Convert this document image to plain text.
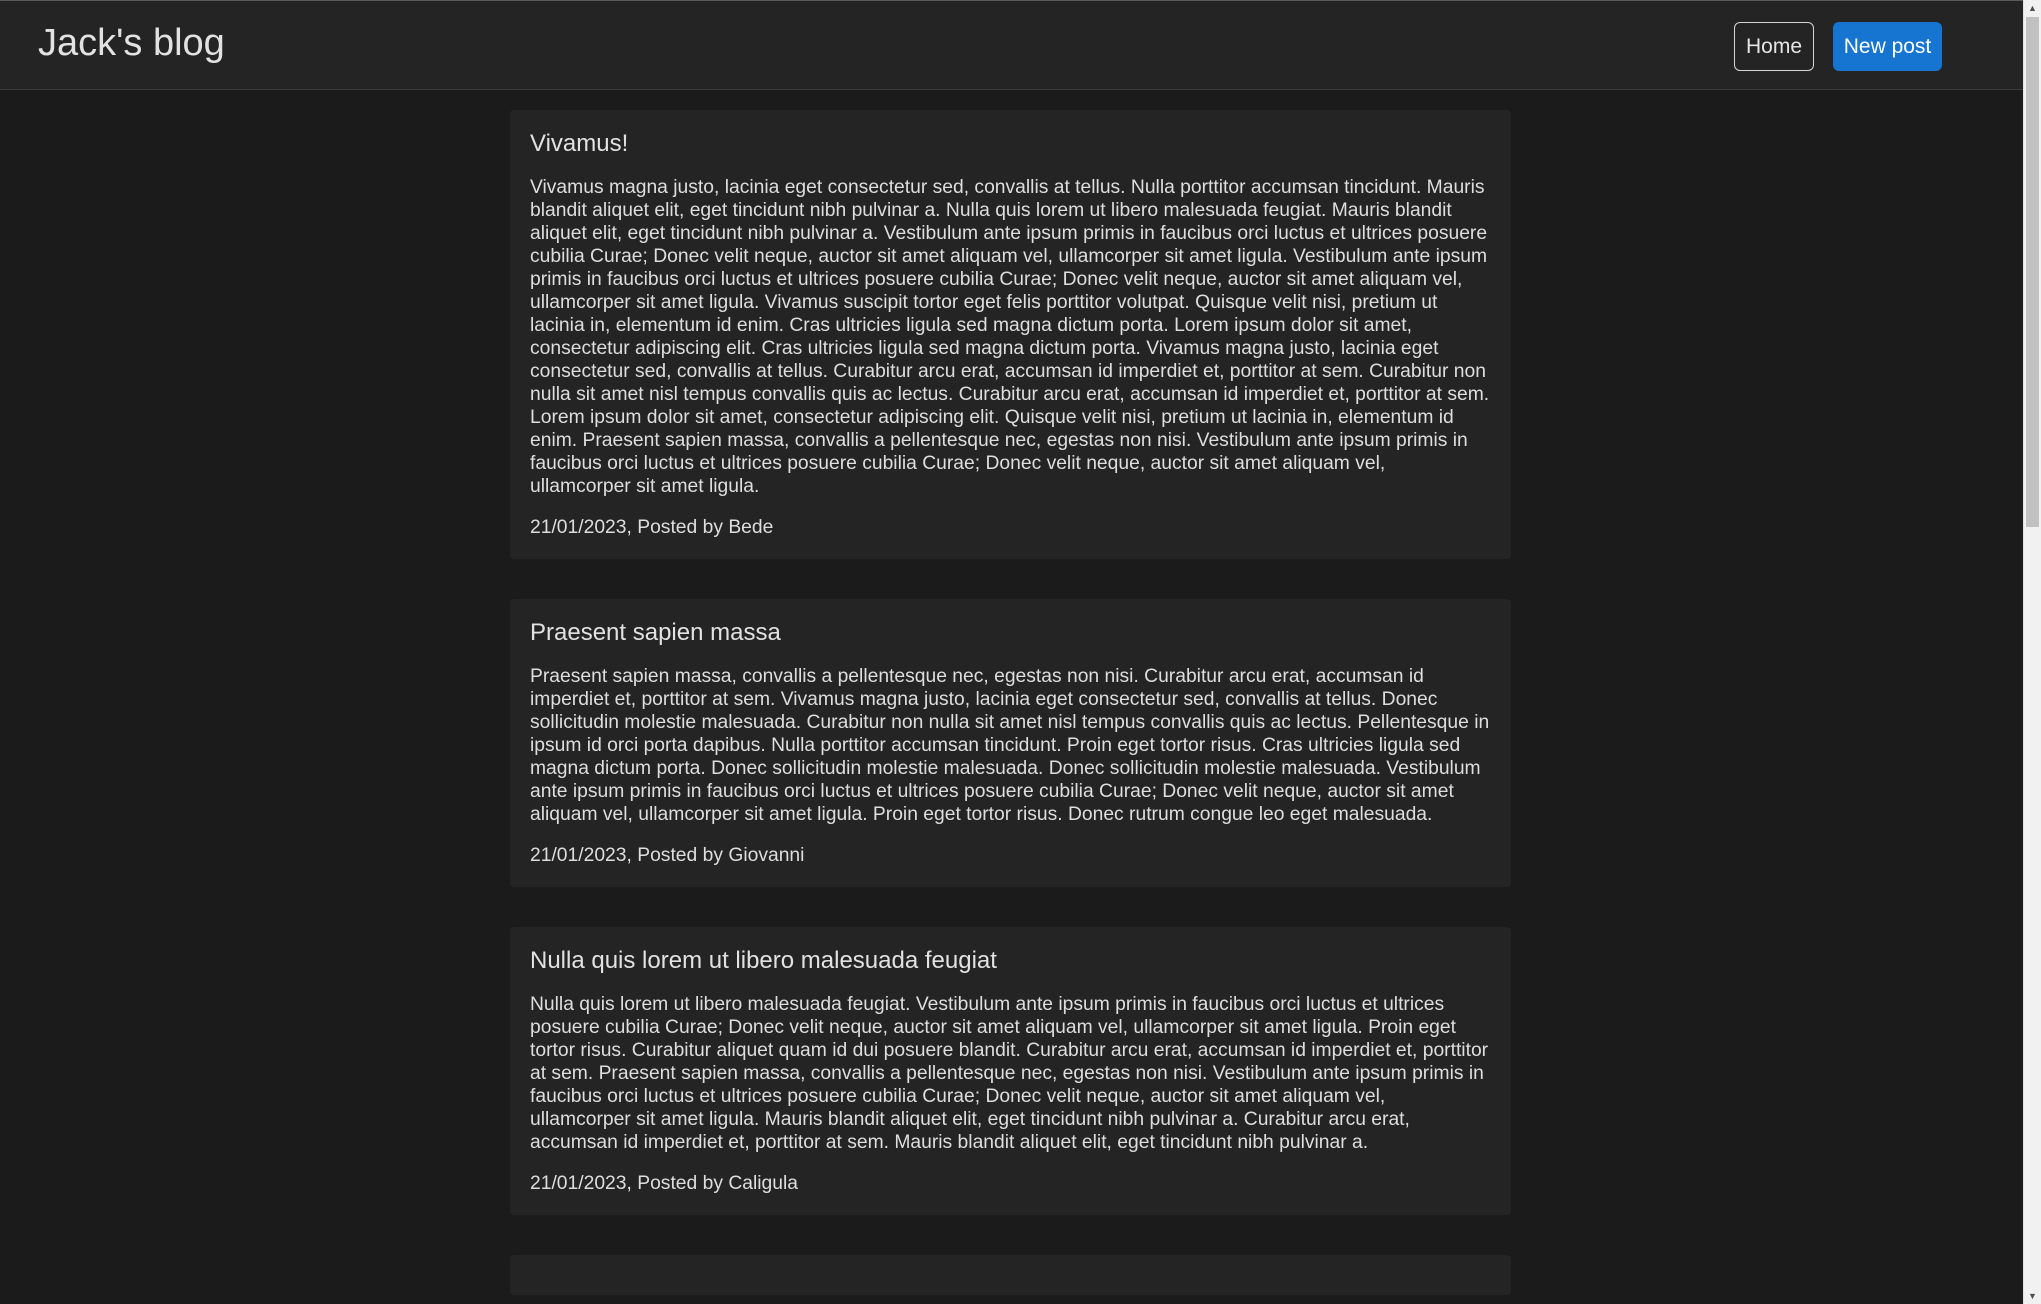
Jack's blog	Home	New post
Vivamus!

Vivamus magna justo, lacinia eget consectetur sed, convallis at tellus. Nulla porttitor accumsan tincidunt. Mauris blandit aliquet elit, eget tincidunt nibh pulvinar a. Nulla quis lorem ut libero malesuada feugiat. Mauris blandit aliquet elit, eget tincidunt nibh pulvinar a. Vestibulum ante ipsum primis in faucibus orci luctus et ultrices posuere cubilia Curae; Donec velit neque, auctor sit amet aliquam vel, ullamcorper sit amet ligula. Vestibulum ante ipsum primis in faucibus orci luctus et ultrices posuere cubilia Curae; Donec velit neque, auctor sit amet aliquam vel, ullamcorper sit amet ligula. Vivamus suscipit tortor eget felis porttitor volutpat. Quisque velit nisi, pretium ut lacinia in, elementum id enim. Cras ultricies ligula sed magna dictum porta. Lorem ipsum dolor sit amet, consectetur adipiscing elit. Cras ultricies ligula sed magna dictum porta. Vivamus magna justo, lacinia eget consectetur sed, convallis at tellus. Curabitur arcu erat, accumsan id imperdiet et, porttitor at sem. Curabitur non nulla sit amet nisl tempus convallis quis ac lectus. Curabitur arcu erat, accumsan id imperdiet et, porttitor at sem. Lorem ipsum dolor sit amet, consectetur adipiscing elit. Quisque velit nisi, pretium ut lacinia in, elementum id enim. Praesent sapien massa, convallis a pellentesque nec, egestas non nisi. Vestibulum ante ipsum primis in faucibus orci luctus et ultrices posuere cubilia Curae; Donec velit neque, auctor sit amet aliquam vel, ullamcorper sit amet ligula.

21/01/2023, Posted by Bede

Praesent sapien massa

Praesent sapien massa, convallis a pellentesque nec, egestas non nisi. Curabitur arcu erat, accumsan id imperdiet et, porttitor at sem. Vivamus magna justo, lacinia eget consectetur sed, convallis at tellus. Donec sollicitudin molestie malesuada. Curabitur non nulla sit amet nisl tempus convallis quis ac lectus. Pellentesque in ipsum id orci porta dapibus. Nulla porttitor accumsan tincidunt. Proin eget tortor risus. Cras ultricies ligula sed magna dictum porta. Donec sollicitudin molestie malesuada. Donec sollicitudin molestie malesuada. Vestibulum ante ipsum primis in faucibus orci luctus et ultrices posuere cubilia Curae; Donec velit neque, auctor sit amet aliquam vel, ullamcorper sit amet ligula. Proin eget tortor risus. Donec rutrum congue leo eget malesuada.

21/01/2023, Posted by Giovanni

Nulla quis lorem ut libero malesuada feugiat

Nulla quis lorem ut libero malesuada feugiat. Vestibulum ante ipsum primis in faucibus orci luctus et ultrices posuere cubilia Curae; Donec velit neque, auctor sit amet aliquam vel, ullamcorper sit amet ligula. Proin eget tortor risus. Curabitur aliquet quam id dui posuere blandit. Curabitur arcu erat, accumsan id imperdiet et, porttitor at sem. Praesent sapien massa, convallis a pellentesque nec, egestas non nisi. Vestibulum ante ipsum primis in faucibus orci luctus et ultrices posuere cubilia Curae; Donec velit neque, auctor sit amet aliquam vel, ullamcorper sit amet ligula. Mauris blandit aliquet elit, eget tincidunt nibh pulvinar a. Curabitur arcu erat, accumsan id imperdiet et, porttitor at sem. Mauris blandit aliquet elit, eget tincidunt nibh pulvinar a.

21/01/2023, Posted by Caligula

▲
▼
